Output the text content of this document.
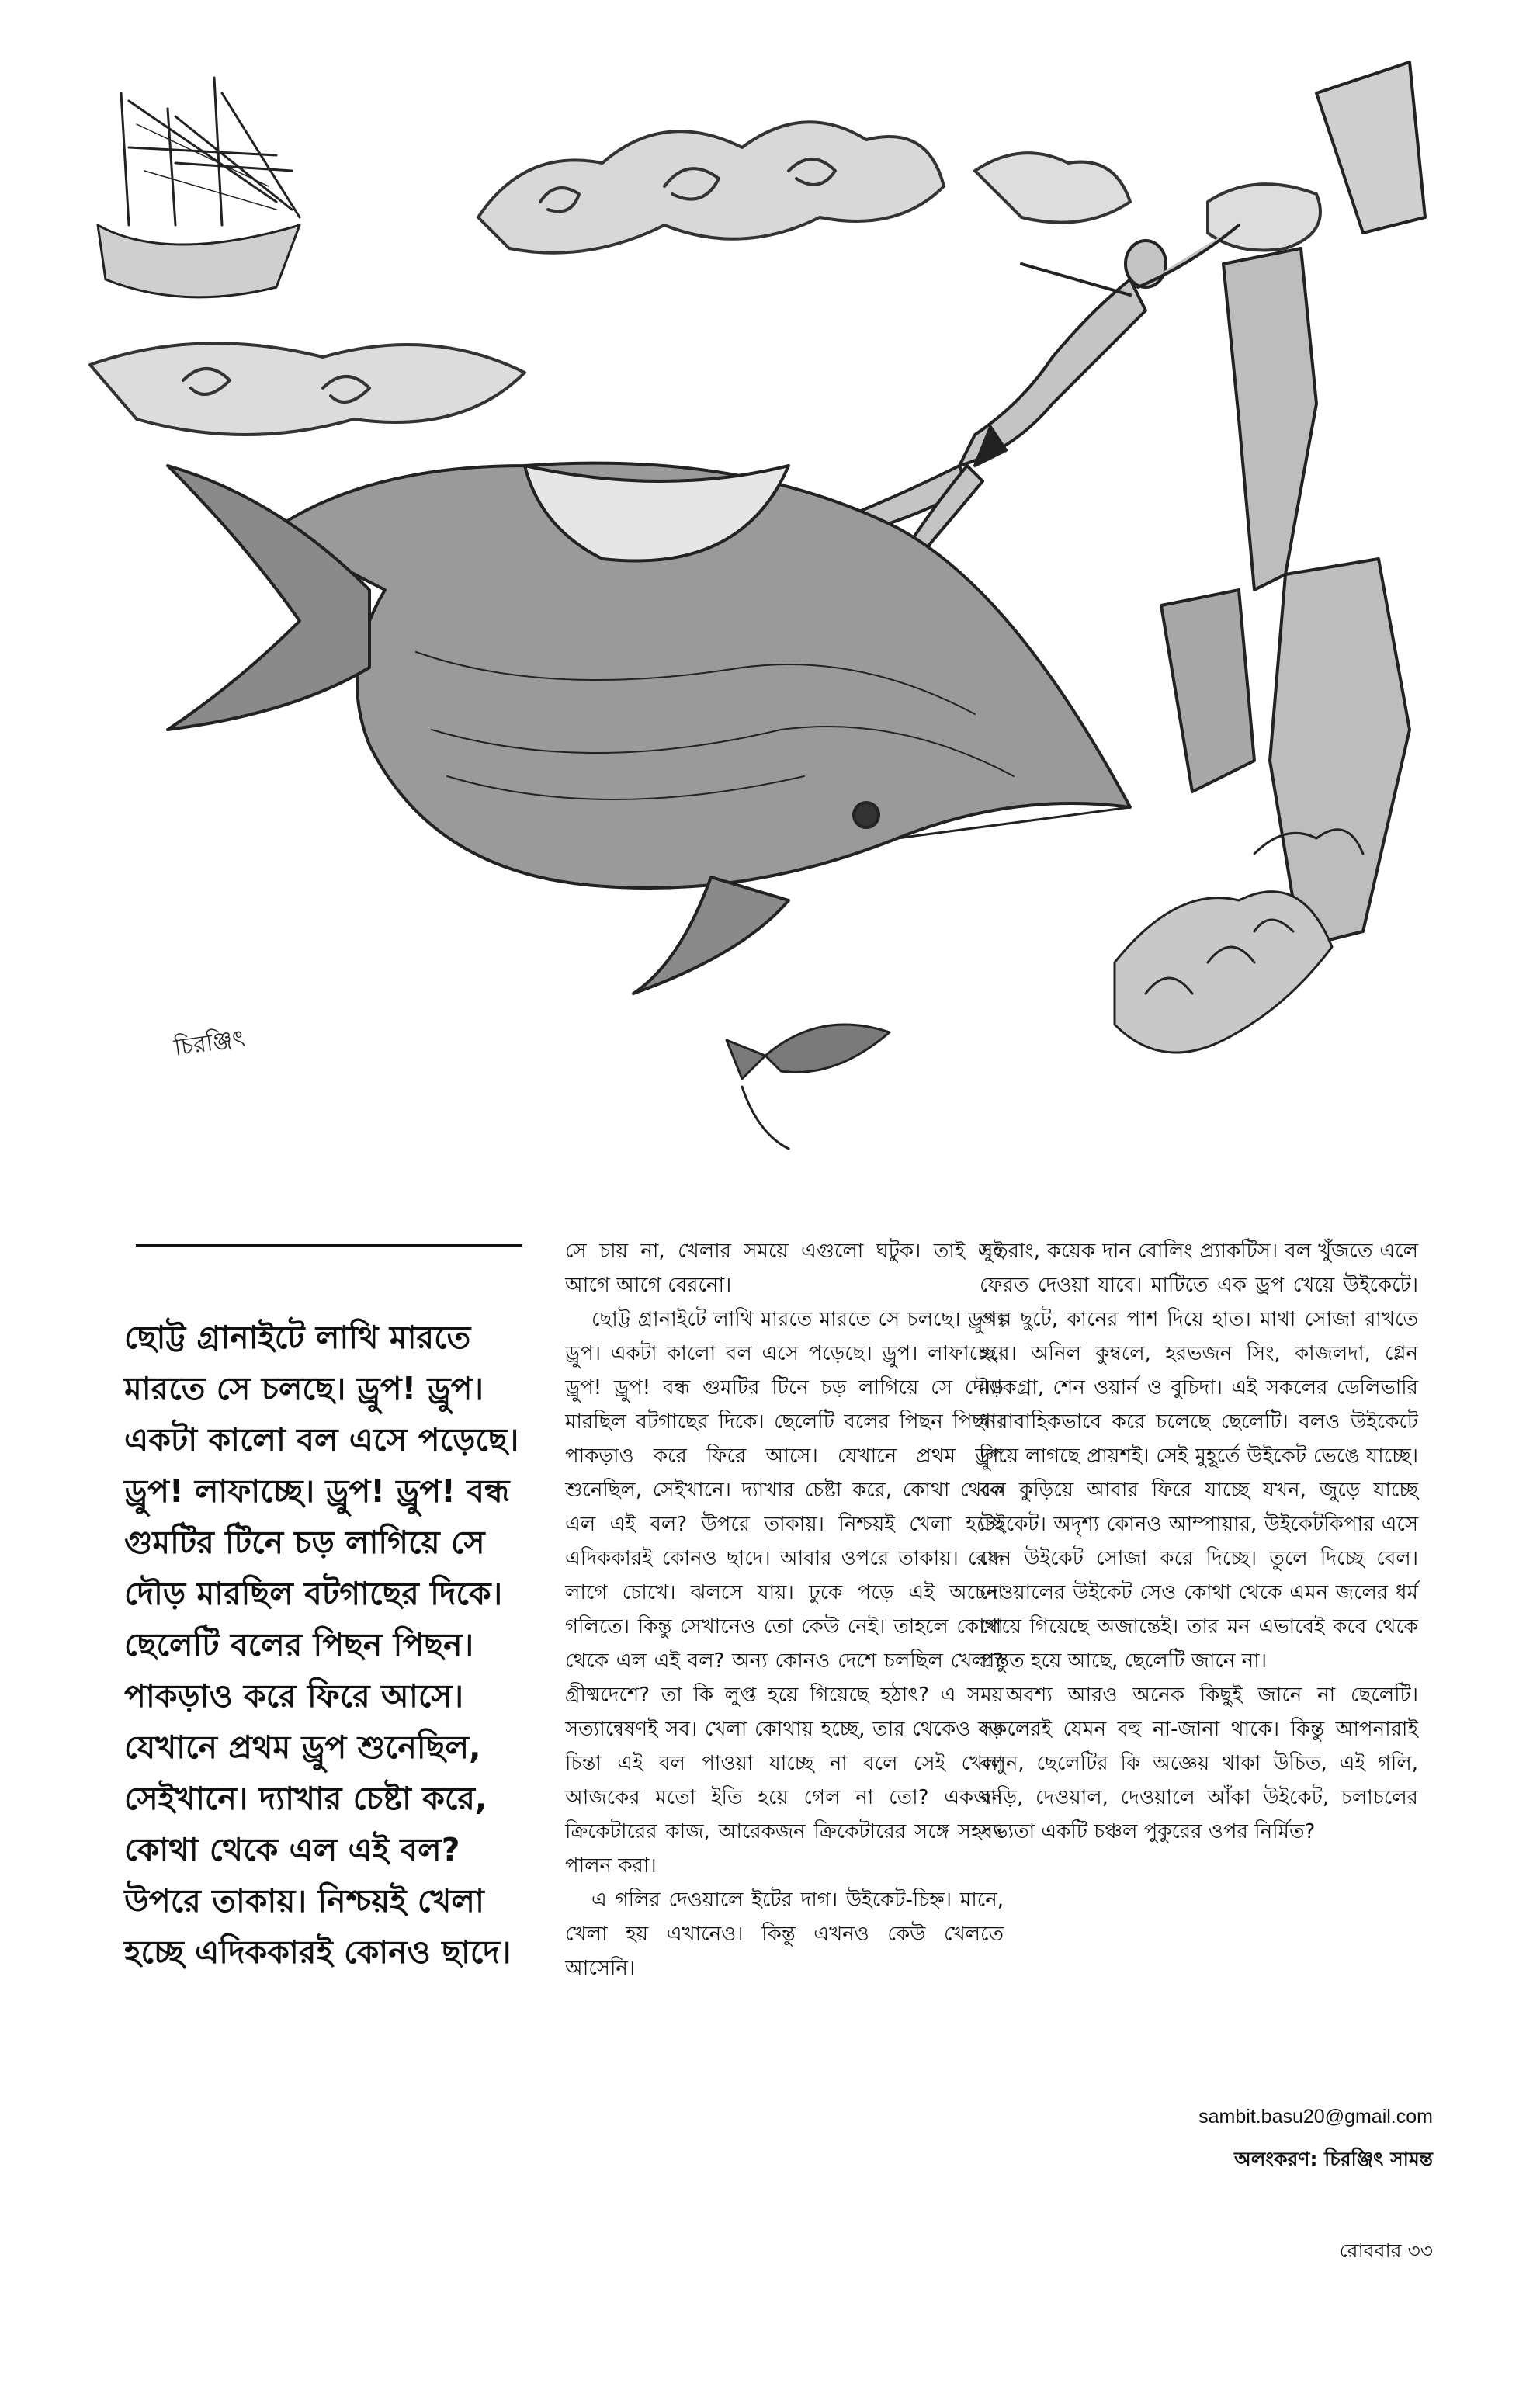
চিরঞ্জিৎ
ছোট্ট গ্রানাইটে লাথি মারতে মারতে সে চলছে। ড্রুপ! ড্রুপ। একটা কালো বল এসে পড়েছে। ড্রুপ! লাফাচ্ছে। ড্রুপ! ড্রুপ! বন্ধ গুমটির টিনে চড় লাগিয়ে সে দৌড় মারছিল বটগাছের দিকে। ছেলেটি বলের পিছন পিছন। পাকড়াও করে ফিরে আসে। যেখানে প্রথম ড্রুপ শুনেছিল, সেইখানে। দ্যাখার চেষ্টা করে, কোথা থেকে এল এই বল? উপরে তাকায়। নিশ্চয়ই খেলা হচ্ছে এদিককারই কোনও ছাদে।

সে চায় না, খেলার সময়ে এগুলো ঘটুক। তাই এই আগে আগে বেরনো।

ছোট্ট গ্রানাইটে লাথি মারতে মারতে সে চলছে। ড্রুপ। ড্রুপ। একটা কালো বল এসে পড়েছে। ড্রুপ। লাফাচ্ছে। ড্রুপ! ড্রুপ! বন্ধ গুমটির টিনে চড় লাগিয়ে সে দৌড় মারছিল বটগাছের দিকে। ছেলেটি বলের পিছন পিছন। পাকড়াও করে ফিরে আসে। যেখানে প্রথম ড্রুপ শুনেছিল, সেইখানে। দ্যাখার চেষ্টা করে, কোথা থেকে এল এই বল? উপরে তাকায়। নিশ্চয়ই খেলা হচ্ছে এদিককারই কোনও ছাদে। আবার ওপরে তাকায়। রোদ লাগে চোখে। ঝলসে যায়। ঢুকে পড়ে এই অচেনা গলিতে। কিন্তু সেখানেও তো কেউ নেই। তাহলে কোথা থেকে এল এই বল? অন্য কোনও দেশে চলছিল খেলা? গ্রীষ্মদেশে? তা কি লুপ্ত হয়ে গিয়েছে হঠাৎ? এ সময় সত্যান্বেষণই সব। খেলা কোথায় হচ্ছে, তার থেকেও বড় চিন্তা এই বল পাওয়া যাচ্ছে না বলে সেই খেলা আজকের মতো ইতি হয়ে গেল না তো? একজন ক্রিকেটারের কাজ, আরেকজন ক্রিকেটারের সঙ্গে সহবৎ পালন করা।

এ গলির দেওয়ালে ইটের দাগ। উইকেট-চিহ্ন। মানে, খেলা হয় এখানেও। কিন্তু এখনও কেউ খেলতে আসেনি।

সুতরাং, কয়েক দান বোলিং প্র্যাকটিস। বল খুঁজতে এলে ফেরত দেওয়া যাবে। মাটিতে এক ড্রপ খেয়ে উইকেটে। অল্প ছুটে, কানের পাশ দিয়ে হাত। মাথা সোজা রাখতে হবে। অনিল কুম্বলে, হরভজন সিং, কাজলদা, গ্লেন ম্যাকগ্রা, শেন ওয়ার্ন ও বুচিদা। এই সকলের ডেলিভারি ধারাবাহিকভাবে করে চলেছে ছেলেটি। বলও উইকেটে গিয়ে লাগছে প্রায়শই। সেই মুহূর্তে উইকেট ভেঙে যাচ্ছে। বল কুড়িয়ে আবার ফিরে যাচ্ছে যখন, জুড়ে যাচ্ছে উইকেট। অদৃশ্য কোনও আম্পায়ার, উইকেটকিপার এসে যেন উইকেট সোজা করে দিচ্ছে। তুলে দিচ্ছে বেল। দেওয়ালের উইকেট সেও কোথা থেকে এমন জলের ধর্ম পেয়ে গিয়েছে অজান্তেই। তার মন এভাবেই কবে থেকে প্রস্তুত হয়ে আছে, ছেলেটি জানে না।

অবশ্য আরও অনেক কিছুই জানে না ছেলেটি। সকলেরই যেমন বহু না-জানা থাকে। কিন্তু আপনারাই বলুন, ছেলেটির কি অজ্ঞেয় থাকা উচিত, এই গলি, বাড়ি, দেওয়াল, দেওয়ালে আঁকা উইকেট, চলাচলের সভ্যতা একটি চঞ্চল পুকুরের ওপর নির্মিত?

sambit.basu20@gmail.com
অলংকরণ: চিরঞ্জিৎ সামন্ত
রোববার ৩৩
